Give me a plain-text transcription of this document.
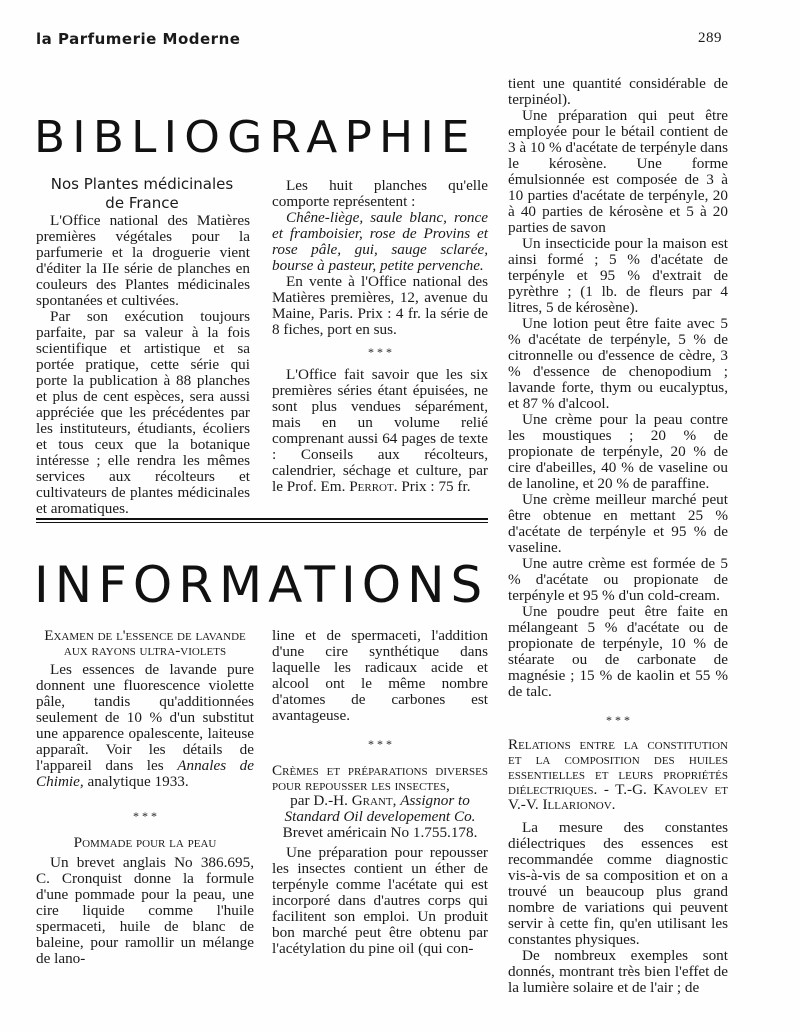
la Parfumerie Moderne	289
BIBLIOGRAPHIE
Nos Plantes médicinales
de France

L'Office national des Matières premières végétales pour la parfumerie et la droguerie vient d'éditer la IIe série de planches en couleurs des Plantes médicinales spontanées et cultivées.

Par son exécution toujours parfaite, par sa valeur à la fois scientifique et artistique et sa portée pratique, cette série qui porte la publication à 88 planches et plus de cent espèces, sera aussi appréciée que les précédentes par les instituteurs, étudiants, écoliers et tous ceux que la botanique intéresse ; elle rendra les mêmes services aux récolteurs et cultivateurs de plantes médicinales et aromatiques.

Les huit planches qu'elle comporte représentent :

Chêne-liège, saule blanc, ronce et framboisier, rose de Provins et rose pâle, gui, sauge sclarée, bourse à pasteur, petite pervenche.

En vente à l'Office national des Matières premières, 12, avenue du Maine, Paris. Prix : 4 fr. la série de 8 fiches, port en sus.

* * *

L'Office fait savoir que les six premières séries étant épuisées, ne sont plus vendues séparément, mais en un volume relié comprenant aussi 64 pages de texte : Conseils aux récolteurs, calendrier, séchage et culture, par le Prof. Em. Perrot. Prix : 75 fr.

INFORMATIONS

Examen de l'essence de lavande aux rayons ultra-violets

Les essences de lavande pure donnent une fluorescence violette pâle, tandis qu'additionnées seulement de 10 % d'un substitut une apparence opalescente, laiteuse apparaît. Voir les détails de l'appareil dans les Annales de Chimie, analytique 1933.

* * *

Pommade pour la peau

Un brevet anglais No 386.695, C. Cronquist donne la formule d'une pommade pour la peau, une cire liquide comme l'huile spermaceti, huile de blanc de baleine, pour ramollir un mélange de lano-

line et de spermaceti, l'addition d'une cire synthétique dans laquelle les radicaux acide et alcool ont le même nombre d'atomes de carbones est avantageuse.

* * *

Crèmes et préparations diverses pour repousser les insectes,

par D.-H. Grant, Assignor to Standard Oil developement Co.

Brevet américain No 1.755.178.

Une préparation pour repousser les insectes contient un éther de terpényle comme l'acétate qui est incorporé dans d'autres corps qui facilitent son emploi. Un produit bon marché peut être obtenu par l'acétylation du pine oil (qui con-

tient une quantité considérable de terpinéol).

Une préparation qui peut être employée pour le bétail contient de 3 à 10 % d'acétate de terpényle dans le kérosène. Une forme émulsionnée est composée de 3 à 10 parties d'acétate de terpényle, 20 à 40 parties de kérosène et 5 à 20 parties de savon

Un insecticide pour la maison est ainsi formé ; 5 % d'acétate de terpényle et 95 % d'extrait de pyrèthre ; (1 lb. de fleurs par 4 litres, 5 de kérosène).

Une lotion peut être faite avec 5 % d'acétate de terpényle, 5 % de citronnelle ou d'essence de cèdre, 3 % d'essence de chenopodium ; lavande forte, thym ou eucalyptus, et 87 % d'alcool.

Une crème pour la peau contre les moustiques ; 20 % de propionate de terpényle, 20 % de cire d'abeilles, 40 % de vaseline ou de lanoline, et 20 % de paraffine.

Une crème meilleur marché peut être obtenue en mettant 25 % d'acétate de terpényle et 95 % de vaseline.

Une autre crème est formée de 5 % d'acétate ou propionate de terpényle et 95 % d'un cold-cream.

Une poudre peut être faite en mélangeant 5 % d'acétate ou de propionate de terpényle, 10 % de stéarate ou de carbonate de magnésie ; 15 % de kaolin et 55 % de talc.

* * *

Relations entre la constitution et la composition des huiles essentielles et leurs propriétés diélectriques. - T.-G. Kavolev et V.-V. Illarionov.

La mesure des constantes diélectriques des essences est recommandée comme diagnostic vis-à-vis de sa composition et on a trouvé un beaucoup plus grand nombre de variations qui peuvent servir à cette fin, qu'en utilisant les constantes physiques.

De nombreux exemples sont donnés, montrant très bien l'effet de la lumière solaire et de l'air ; de
